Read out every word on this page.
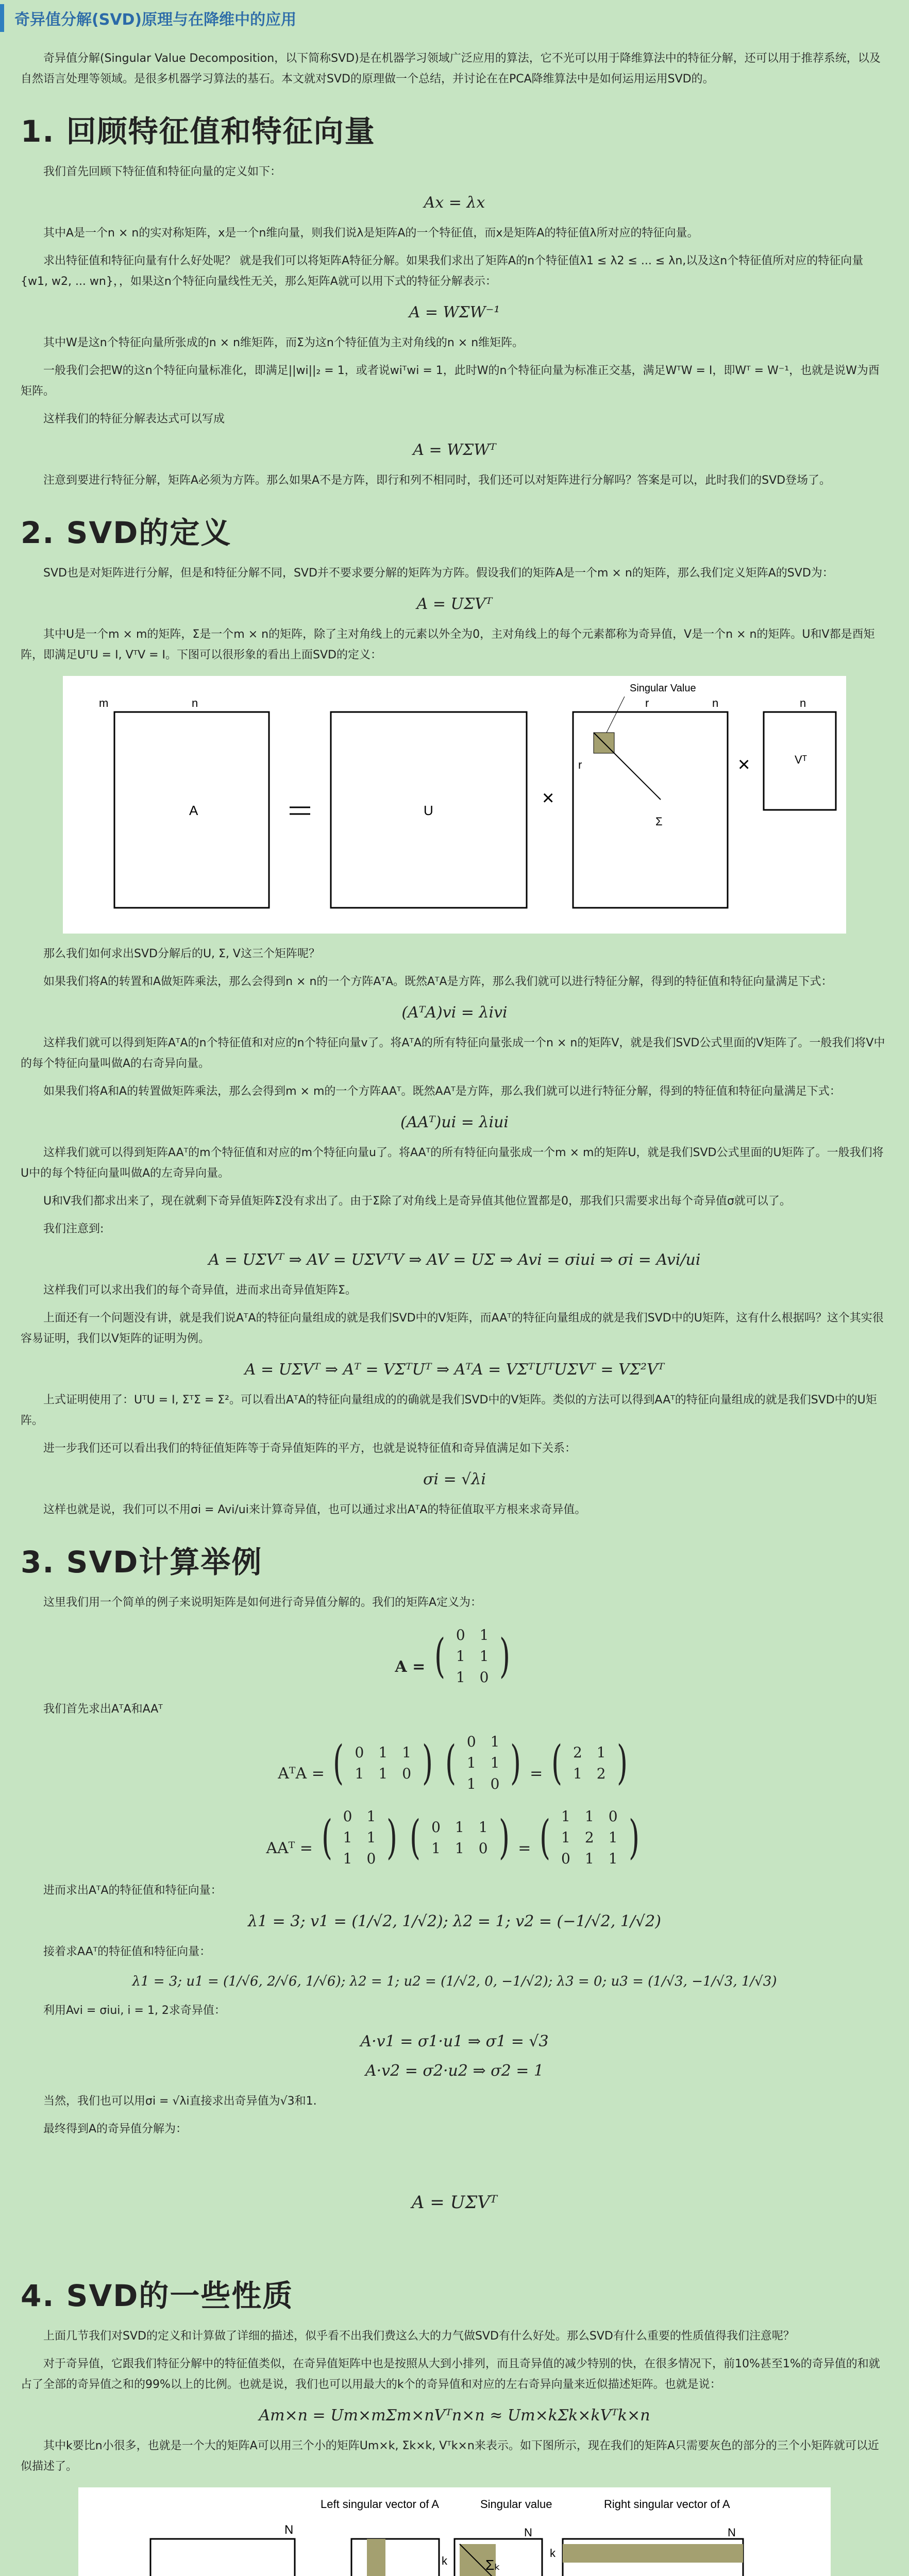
奇异值分解(SVD)原理与在降维中的应用

奇异值分解(Singular Value Decomposition，以下简称SVD)是在机器学习领域广泛应用的算法，它不光可以用于降维算法中的特征分解，还可以用于推荐系统，以及自然语言处理等领域。是很多机器学习算法的基石。本文就对SVD的原理做一个总结，并讨论在在PCA降维算法中是如何运用运用SVD的。

1. 回顾特征值和特征向量

我们首先回顾下特征值和特征向量的定义如下：

Ax = λx

其中A是一个n × n的实对称矩阵，x是一个n维向量，则我们说λ是矩阵A的一个特征值，而x是矩阵A的特征值λ所对应的特征向量。

求出特征值和特征向量有什么好处呢？ 就是我们可以将矩阵A特征分解。如果我们求出了矩阵A的n个特征值λ1 ≤ λ2 ≤ ... ≤ λn,以及这n个特征值所对应的特征向量{w1, w2, ... wn}，，如果这n个特征向量线性无关，那么矩阵A就可以用下式的特征分解表示：

A = WΣW⁻¹

其中W是这n个特征向量所张成的n × n维矩阵，而Σ为这n个特征值为主对角线的n × n维矩阵。

一般我们会把W的这n个特征向量标准化，即满足||wi||₂ = 1，或者说wiᵀwi = 1，此时W的n个特征向量为标准正交基，满足WᵀW = I，即Wᵀ = W⁻¹，也就是说W为酉矩阵。

这样我们的特征分解表达式可以写成

A = WΣWᵀ

注意到要进行特征分解，矩阵A必须为方阵。那么如果A不是方阵，即行和列不相同时，我们还可以对矩阵进行分解吗？答案是可以，此时我们的SVD登场了。

2. SVD的定义

SVD也是对矩阵进行分解，但是和特征分解不同，SVD并不要求要分解的矩阵为方阵。假设我们的矩阵A是一个m × n的矩阵，那么我们定义矩阵A的SVD为：

A = UΣVᵀ

其中U是一个m × m的矩阵，Σ是一个m × n的矩阵，除了主对角线上的元素以外全为0，主对角线上的每个元素都称为奇异值，V是一个n × n的矩阵。U和V都是酉矩阵，即满足UᵀU = I, VᵀV = I。下图可以很形象的看出上面SVD的定义：

A
m	n
U
×
Singular Value
r
r
Σ
n
×	Vᵀ
n

那么我们如何求出SVD分解后的U, Σ, V这三个矩阵呢？

如果我们将A的转置和A做矩阵乘法，那么会得到n × n的一个方阵AᵀA。既然AᵀA是方阵，那么我们就可以进行特征分解，得到的特征值和特征向量满足下式：

(AᵀA)vi = λivi

这样我们就可以得到矩阵AᵀA的n个特征值和对应的n个特征向量v了。将AᵀA的所有特征向量张成一个n × n的矩阵V，就是我们SVD公式里面的V矩阵了。一般我们将V中的每个特征向量叫做A的右奇异向量。

如果我们将A和A的转置做矩阵乘法，那么会得到m × m的一个方阵AAᵀ。既然AAᵀ是方阵，那么我们就可以进行特征分解，得到的特征值和特征向量满足下式：

(AAᵀ)ui = λiui

这样我们就可以得到矩阵AAᵀ的m个特征值和对应的m个特征向量u了。将AAᵀ的所有特征向量张成一个m × m的矩阵U，就是我们SVD公式里面的U矩阵了。一般我们将U中的每个特征向量叫做A的左奇异向量。

U和V我们都求出来了，现在就剩下奇异值矩阵Σ没有求出了。由于Σ除了对角线上是奇异值其他位置都是0，那我们只需要求出每个奇异值σ就可以了。

我们注意到:

A = UΣVᵀ ⇒ AV = UΣVᵀV ⇒ AV = UΣ ⇒ Avi = σiui ⇒ σi = Avi/ui

这样我们可以求出我们的每个奇异值，进而求出奇异值矩阵Σ。

上面还有一个问题没有讲，就是我们说AᵀA的特征向量组成的就是我们SVD中的V矩阵，而AAᵀ的特征向量组成的就是我们SVD中的U矩阵，这有什么根据吗？这个其实很容易证明，我们以V矩阵的证明为例。

A = UΣVᵀ ⇒ Aᵀ = VΣᵀUᵀ ⇒ AᵀA = VΣᵀUᵀUΣVᵀ = VΣ²Vᵀ

上式证明使用了：UᵀU = I, ΣᵀΣ = Σ²。可以看出AᵀA的特征向量组成的的确就是我们SVD中的V矩阵。类似的方法可以得到AAᵀ的特征向量组成的就是我们SVD中的U矩阵。

进一步我们还可以看出我们的特征值矩阵等于奇异值矩阵的平方，也就是说特征值和奇异值满足如下关系：

σi = √λi

这样也就是说，我们可以不用σi = Avi/ui来计算奇异值，也可以通过求出AᵀA的特征值取平方根来求奇异值。

3. SVD计算举例

这里我们用一个简单的例子来说明矩阵是如何进行奇异值分解的。我们的矩阵A定义为：

A = ( 0	1
1	1
1	0 )

我们首先求出AᵀA和AAᵀ

AᵀA = ( 0	1	1
1	1	0 )
( 0	1
1	1
1	0 ) = ( 2	1
1	2 )
AAᵀ = ( 0	1
1	1
1	0 )
( 0	1	1
1	1	0 ) = ( 1	1	0
1	2	1
0	1	1 )

进而求出AᵀA的特征值和特征向量：

λ1 = 3; v1 = (1/√2, 1/√2); λ2 = 1; v2 = (−1/√2, 1/√2)

接着求AAᵀ的特征值和特征向量：

λ1 = 3; u1 = (1/√6, 2/√6, 1/√6); λ2 = 1; u2 = (1/√2, 0, −1/√2); λ3 = 0; u3 = (1/√3, −1/√3, 1/√3)

利用Avi = σiui, i = 1, 2求奇异值：

A·v1 = σ1·u1 ⇒ σ1 = √3
A·v2 = σ2·u2 ⇒ σ2 = 1

当然，我们也可以用σi = √λi直接求出奇异值为√3和1.

最终得到A的奇异值分解为：

A = UΣVᵀ
4. SVD的一些性质

上面几节我们对SVD的定义和计算做了详细的描述，似乎看不出我们费这么大的力气做SVD有什么好处。那么SVD有什么重要的性质值得我们注意呢？

对于奇异值，它跟我们特征分解中的特征值类似，在奇异值矩阵中也是按照从大到小排列，而且奇异值的减少特别的快，在很多情况下，前10%甚至1%的奇异值的和就占了全部的奇异值之和的99%以上的比例。也就是说，我们也可以用最大的k个的奇异值和对应的左右奇异向量来近似描述矩阵。也就是说：

Am×n = Um×mΣm×nVᵀn×n ≈ Um×kΣk×kVᵀk×n

其中k要比n小很多，也就是一个大的矩阵A可以用三个小的矩阵Um×k, Σk×k, Vᵀk×n来表示。如下图所示，现在我们的矩阵A只需要灰色的部分的三个小矩阵就可以近似描述了。

N
Left singular vector of A
Σₖ
Singular value
N
k
Right singular vector of A
N
k
